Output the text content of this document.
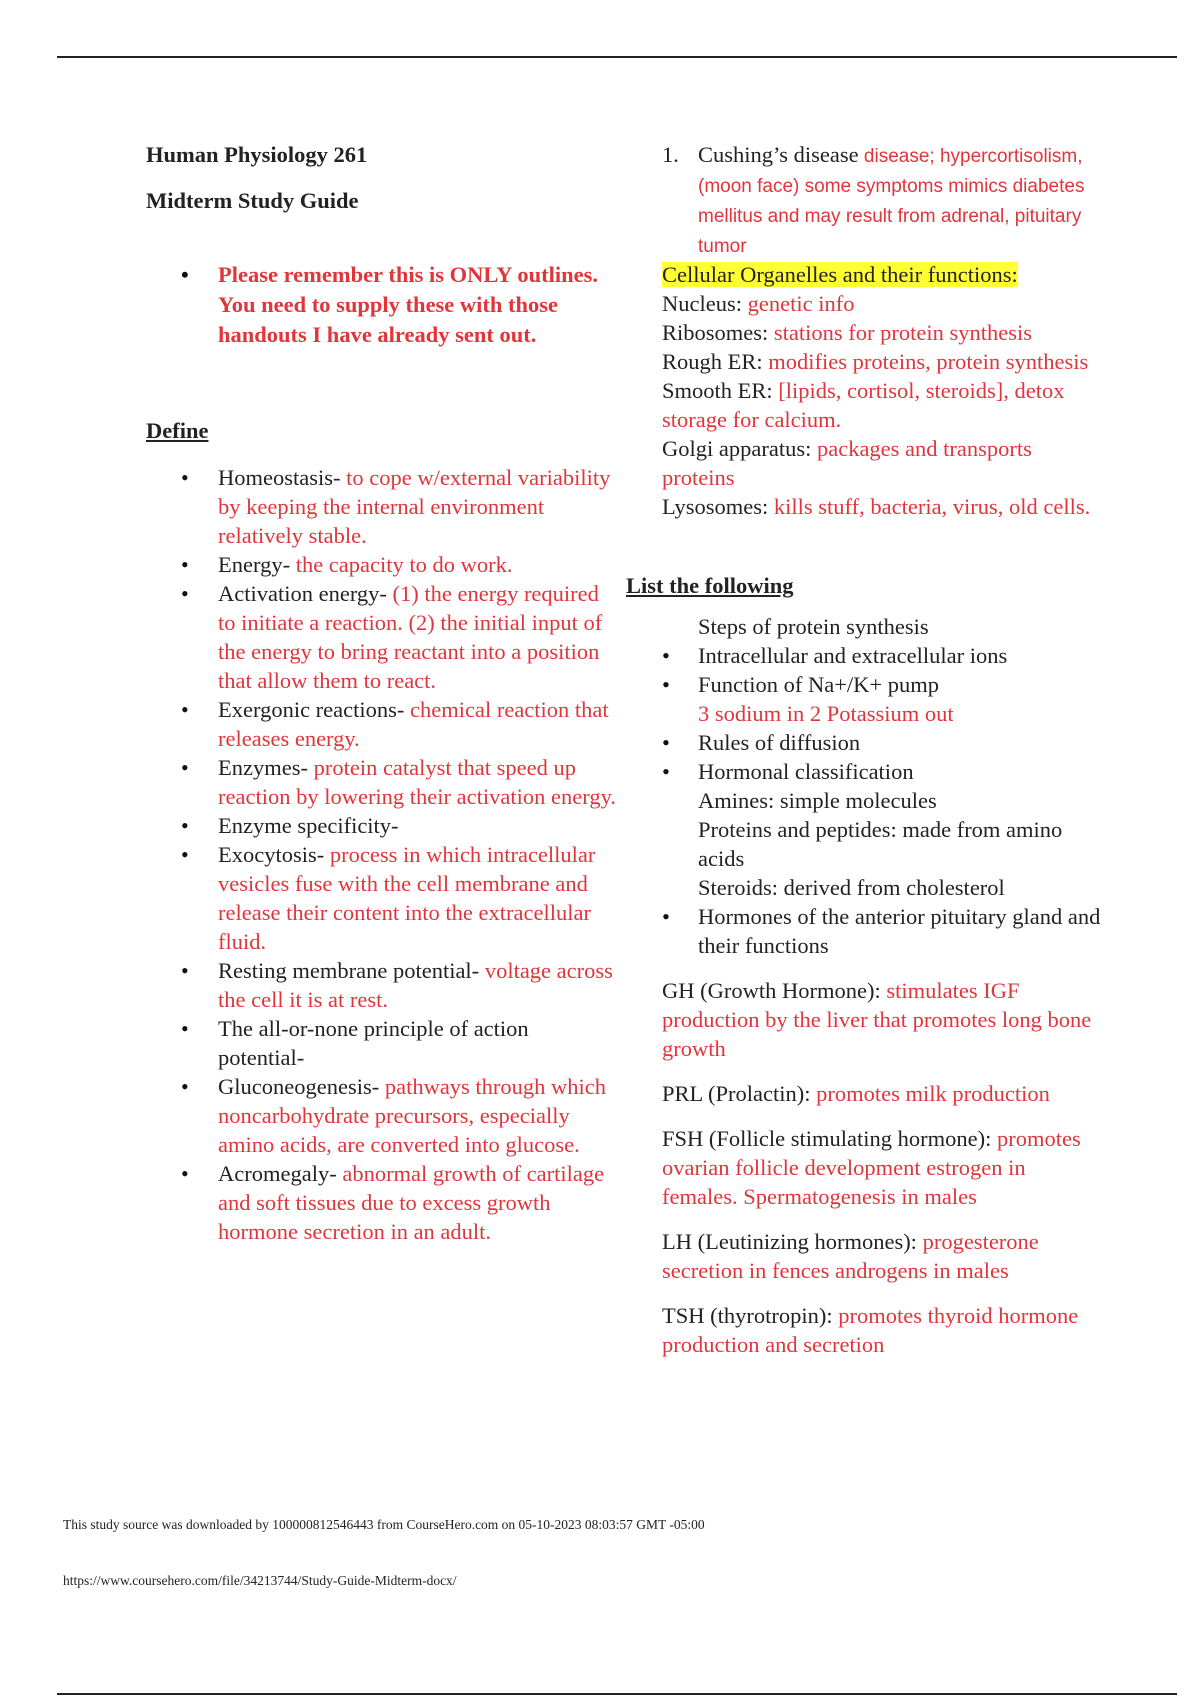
Human Physiology 261

Midterm Study Guide

• Please remember this is ONLY outlines. You need to supply these with those handouts I have already sent out.
Define
• Homeostasis- to cope w/external variability by keeping the internal environment relatively stable.
• Energy- the capacity to do work.
• Activation energy- (1) the energy required to initiate a reaction. (2) the initial input of the energy to bring reactant into a position that allow them to react.
• Exergonic reactions- chemical reaction that releases energy.
• Enzymes- protein catalyst that speed up reaction by lowering their activation energy.
• Enzyme specificity-
• Exocytosis- process in which intracellular vesicles fuse with the cell membrane and release their content into the extracellular fluid.
• Resting membrane potential- voltage across the cell it is at rest.
• The all-or-none principle of action potential-
• Gluconeogenesis- pathways through which noncarbohydrate precursors, especially amino acids, are converted into glucose.
• Acromegaly- abnormal growth of cartilage and soft tissues due to excess growth hormone secretion in an adult.
1. Cushing’s disease disease; hypercortisolism, (moon face) some symptoms mimics diabetes mellitus and may result from adrenal, pituitary tumor
Cellular Organelles and their functions:

Nucleus: genetic info

Ribosomes: stations for protein synthesis

Rough ER: modifies proteins, protein synthesis

Smooth ER: [lipids, cortisol, steroids], detox storage for calcium.

Golgi apparatus: packages and transports proteins

Lysosomes: kills stuff, bacteria, virus, old cells.

List the following
Steps of protein synthesis
• Intracellular and extracellular ions
• Function of Na+/K+ pump
3 sodium in 2 Potassium out
• Rules of diffusion
• Hormonal classification
Amines: simple molecules
Proteins and peptides: made from amino acids
Steroids: derived from cholesterol
• Hormones of the anterior pituitary gland and their functions

GH (Growth Hormone): stimulates IGF production by the liver that promotes long bone growth

PRL (Prolactin): promotes milk production

FSH (Follicle stimulating hormone): promotes ovarian follicle development estrogen in females. Spermatogenesis in males

LH (Leutinizing hormones): progesterone secretion in fences androgens in males

TSH (thyrotropin): promotes thyroid hormone production and secretion

This study source was downloaded by 100000812546443 from CourseHero.com on 05-10-2023 08:03:57 GMT -05:00
https://www.coursehero.com/file/34213744/Study-Guide-Midterm-docx/
